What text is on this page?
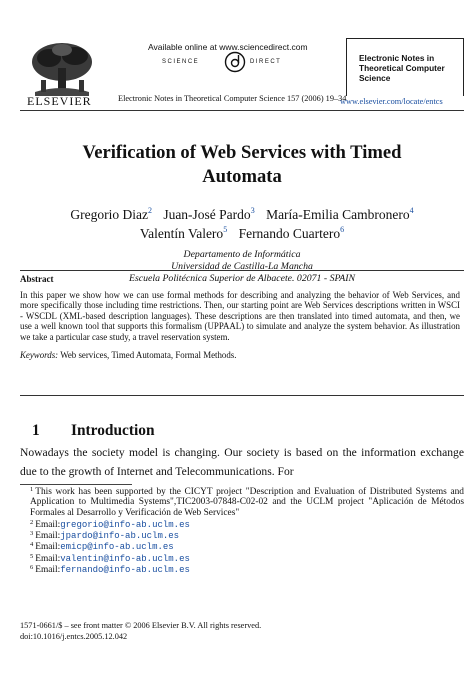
ELSEVIER
Available online at www.sciencedirect.com
SCIENCE	DIRECT
Electronic Notes in Theoretical Computer Science 157 (2006) 19–34
Electronic Notes in
Theoretical Computer
Science
www.elsevier.com/locate/entcs
Verification of Web Services with Timed
Automata
Gregorio Diaz$^2$ Juan-José Pardo$^3$ María-Emilia Cambronero$^4$
Valentín Valero$^5$ Fernando Cuartero$^6$
Departamento de Informática
Universidad de Castilla-La Mancha
Escuela Politécnica Superior de Albacete. 02071 - SPAIN
Abstract
In this paper we show how we can use formal methods for describing and analyzing the behavior of Web Services, and more specifically those including time restrictions. Then, our starting point are Web Services descriptions written in WSCI - WSCDL (XML-based description languages). These descriptions are then translated into timed automata, and then, we use a well known tool that supports this formalism (UPPAAL) to simulate and analyze the system behavior. As illustration we take a particular case study, a travel reservation system.
Keywords: Web services, Timed Automata, Formal Methods.
1 Introduction
Nowadays the society model is changing. Our society is based on the information exchange due to the growth of Internet and Telecommunications. For
$^1$ This work has been supported by the CICYT project "Description and Evaluation of Distributed Systems and Application to Multimedia Systems",TIC2003-07848-C02-02 and the UCLM project "Aplicación de Métodos Formales al Desarrollo y Verificación de Web Services"
$^2$ Email:gregorio@info-ab.uclm.es
$^3$ Email:jpardo@info-ab.uclm.es
$^4$ Email:emicp@info-ab.uclm.es
$^5$ Email:valentin@info-ab.uclm.es
$^6$ Email:fernando@info-ab.uclm.es
1571-0661/$ – see front matter © 2006 Elsevier B.V. All rights reserved.
doi:10.1016/j.entcs.2005.12.042
